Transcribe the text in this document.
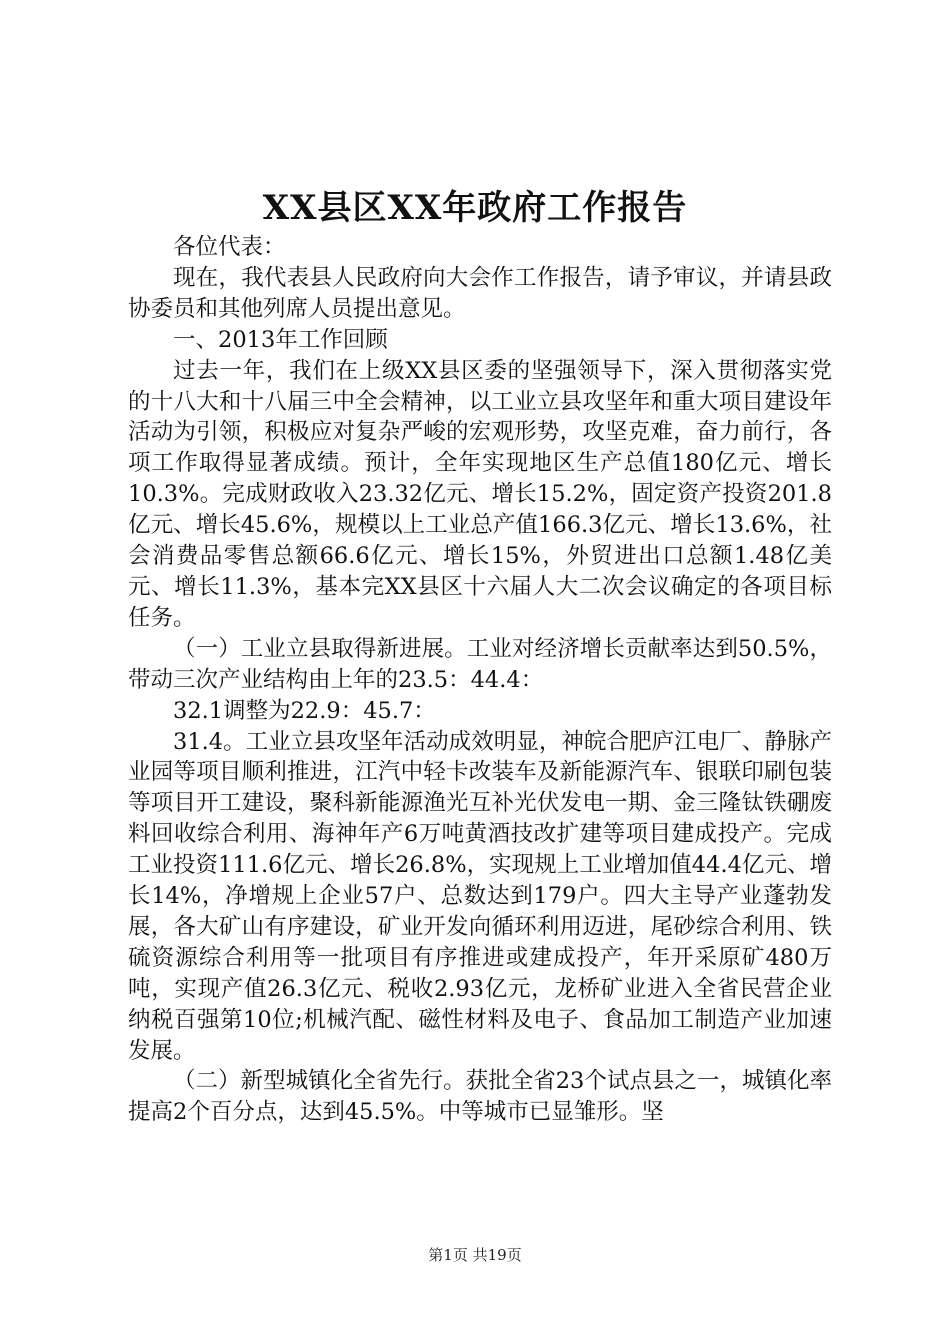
XX县区XX年政府工作报告

各位代表：

现在，我代表县人民政府向大会作工作报告，请予审议，并请县政协委员和其他列席人员提出意见。

一、2013年工作回顾

过去一年，我们在上级XX县区委的坚强领导下，深入贯彻落实党的十八大和十八届三中全会精神，以工业立县攻坚年和重大项目建设年活动为引领，积极应对复杂严峻的宏观形势，攻坚克难，奋力前行，各项工作取得显著成绩。预计，全年实现地区生产总值180亿元、增长10.3%。完成财政收入23.32亿元、增长15.2%，固定资产投资201.8亿元、增长45.6%，规模以上工业总产值166.3亿元、增长13.6%，社会消费品零售总额66.6亿元、增长15%，外贸进出口总额1.48亿美元、增长11.3%，基本完XX县区十六届人大二次会议确定的各项目标任务。

（一）工业立县取得新进展。工业对经济增长贡献率达到50.5%，带动三次产业结构由上年的23.5：44.4：

32.1调整为22.9：45.7：

31.4。工业立县攻坚年活动成效明显，神皖合肥庐江电厂、静脉产业园等项目顺利推进，江汽中轻卡改装车及新能源汽车、银联印刷包装等项目开工建设，聚科新能源渔光互补光伏发电一期、金三隆钛铁硼废料回收综合利用、海神年产6万吨黄酒技改扩建等项目建成投产。完成工业投资111.6亿元、增长26.8%，实现规上工业增加值44.4亿元、增长14%，净增规上企业57户、总数达到179户。四大主导产业蓬勃发展，各大矿山有序建设，矿业开发向循环利用迈进，尾砂综合利用、铁硫资源综合利用等一批项目有序推进或建成投产，年开采原矿480万吨，实现产值26.3亿元、税收2.93亿元，龙桥矿业进入全省民营企业纳税百强第10位;机械汽配、磁性材料及电子、食品加工制造产业加速发展。

（二）新型城镇化全省先行。获批全省23个试点县之一，城镇化率提高2个百分点，达到45.5%。中等城市已显雏形。坚

第1页 共19页
